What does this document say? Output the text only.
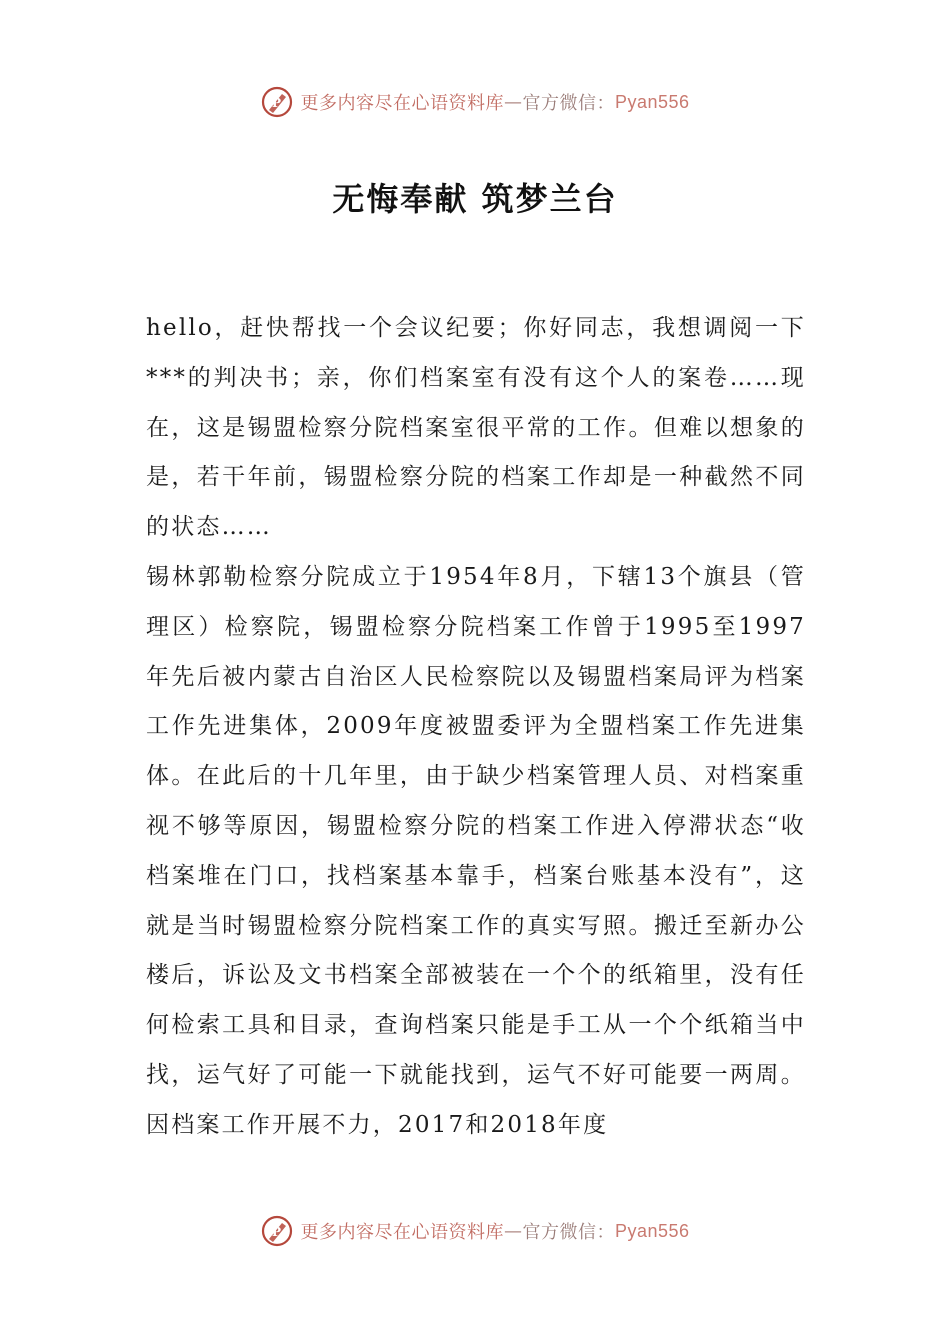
P 更多内容尽在心语资料库 — 官方微信： Pyan556
无悔奉献 筑梦兰台

hello，赶快帮找一个会议纪要；你好同志，我想调阅一下***的判决书；亲，你们档案室有没有这个人的案卷……现在，这是锡盟检察分院档案室很平常的工作。但难以想象的是，若干年前，锡盟检察分院的档案工作却是一种截然不同的状态……

锡林郭勒检察分院成立于1954年8月，下辖13个旗县（管理区）检察院，锡盟检察分院档案工作曾于1995至1997年先后被内蒙古自治区人民检察院以及锡盟档案局评为档案工作先进集体，2009年度被盟委评为全盟档案工作先进集体。在此后的十几年里，由于缺少档案管理人员、对档案重视不够等原因，锡盟检察分院的档案工作进入停滞状态“收档案堆在门口，找档案基本靠手，档案台账基本没有”，这就是当时锡盟检察分院档案工作的真实写照。搬迁至新办公楼后，诉讼及文书档案全部被装在一个个的纸箱里，没有任何检索工具和目录，查询档案只能是手工从一个个纸箱当中找，运气好了可能一下就能找到，运气不好可能要一两周。因档案工作开展不力，2017和2018年度

P 更多内容尽在心语资料库 — 官方微信： Pyan556
